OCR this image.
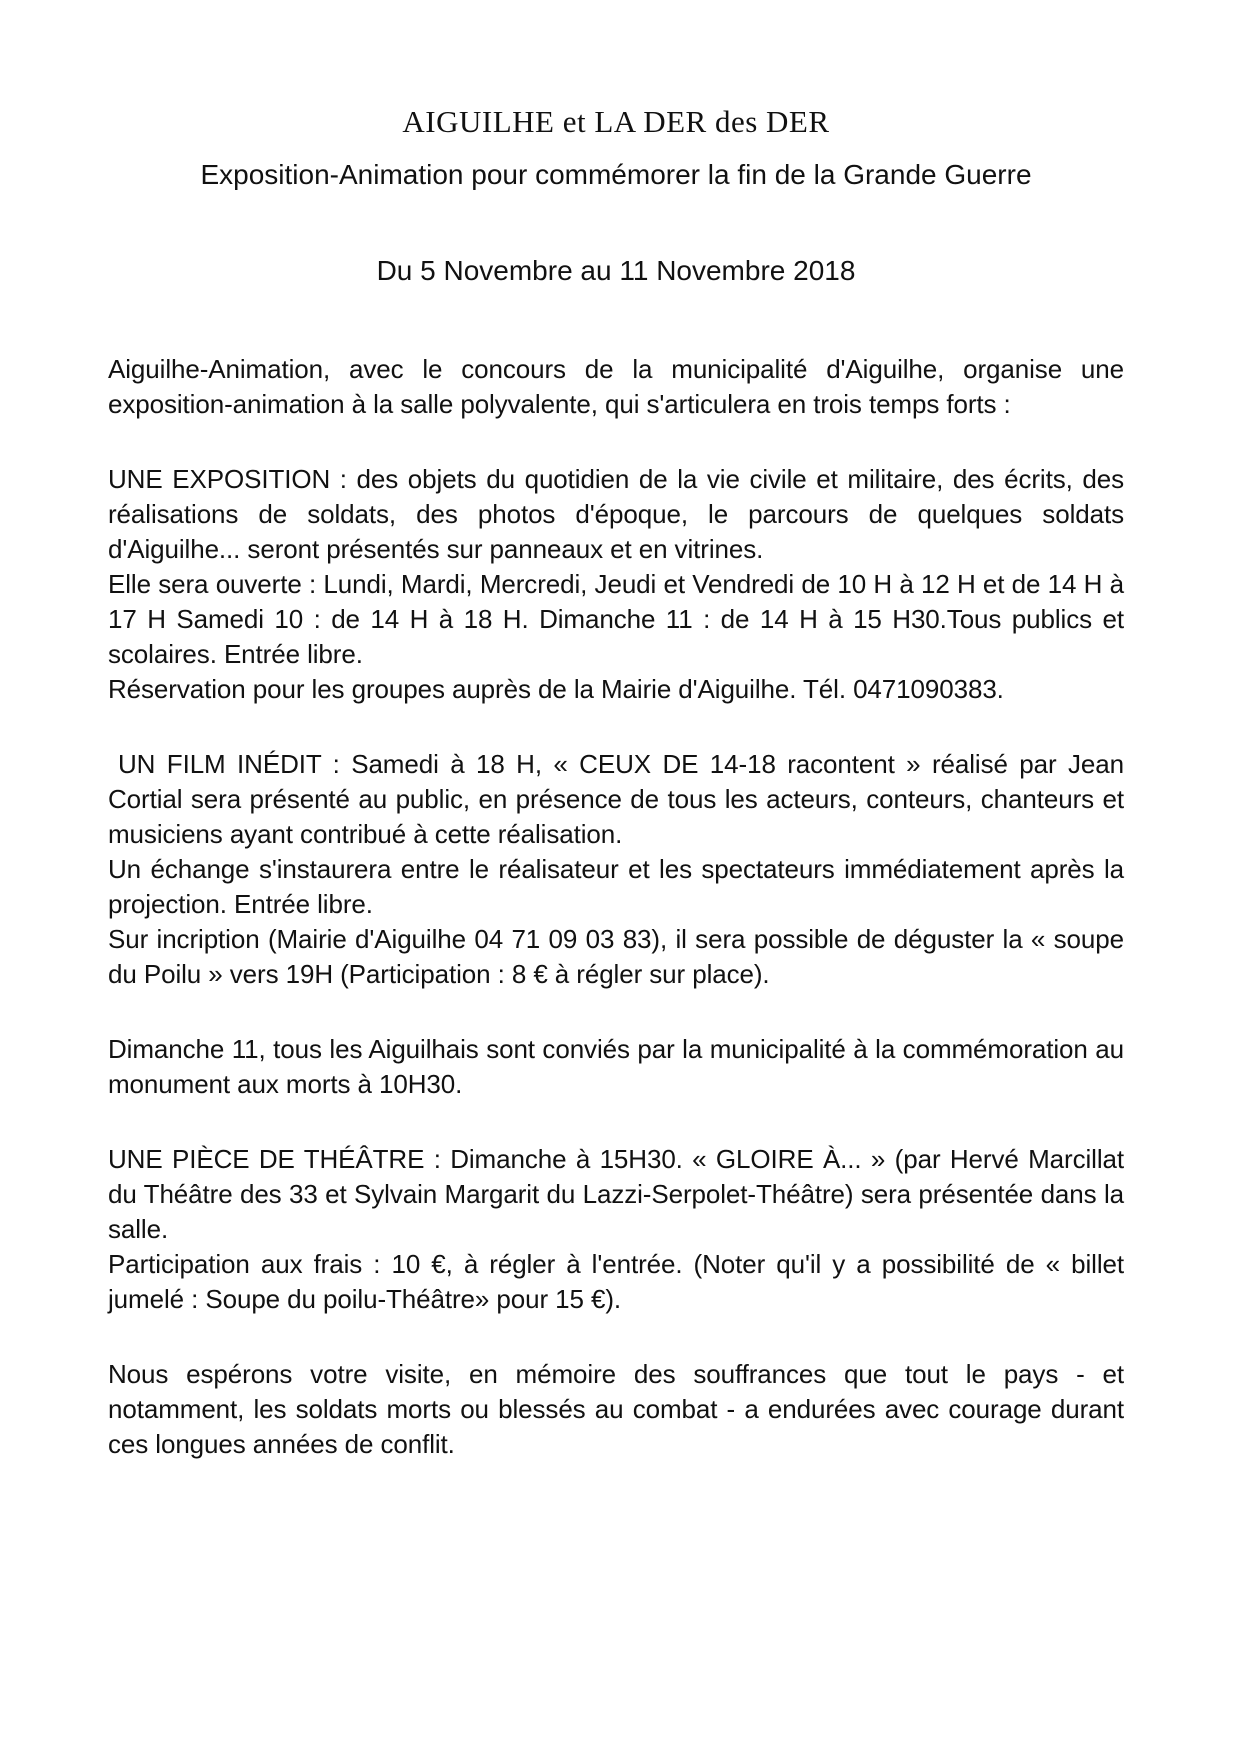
AIGUILHE et LA DER des DER
Exposition-Animation pour commémorer la fin de la Grande Guerre
Du 5 Novembre au 11 Novembre 2018

Aiguilhe-Animation, avec le concours de la municipalité d'Aiguilhe, organise une exposition-animation à la salle polyvalente, qui s'articulera en trois temps forts :

UNE EXPOSITION : des objets du quotidien de la vie civile et militaire, des écrits, des réalisations de soldats, des photos d'époque, le parcours de quelques soldats d'Aiguilhe... seront présentés sur panneaux et en vitrines.

Elle sera ouverte : Lundi, Mardi, Mercredi, Jeudi et Vendredi de 10 H à 12 H et de 14 H à 17 H Samedi 10 : de 14 H à 18 H. Dimanche 11 : de 14 H à 15 H30.Tous publics et scolaires. Entrée libre.

Réservation pour les groupes auprès de la Mairie d'Aiguilhe. Tél. 0471090383.

UN FILM INÉDIT : Samedi à 18 H, « CEUX DE 14-18 racontent » réalisé par Jean Cortial sera présenté au public, en présence de tous les acteurs, conteurs, chanteurs et musiciens ayant contribué à cette réalisation.

Un échange s'instaurera entre le réalisateur et les spectateurs immédiatement après la projection. Entrée libre.

Sur incription (Mairie d'Aiguilhe 04 71 09 03 83), il sera possible de déguster la « soupe du Poilu » vers 19H (Participation : 8 € à régler sur place).

Dimanche 11, tous les Aiguilhais sont conviés par la municipalité à la commémoration au monument aux morts à 10H30.

UNE PIÈCE DE THÉÂTRE : Dimanche à 15H30. « GLOIRE À... » (par Hervé Marcillat du Théâtre des 33 et Sylvain Margarit du Lazzi-Serpolet-Théâtre) sera présentée dans la salle.

Participation aux frais : 10 €, à régler à l'entrée. (Noter qu'il y a possibilité de « billet jumelé : Soupe du poilu-Théâtre» pour 15 €).

Nous espérons votre visite, en mémoire des souffrances que tout le pays - et notamment, les soldats morts ou blessés au combat - a endurées avec courage durant ces longues années de conflit.
